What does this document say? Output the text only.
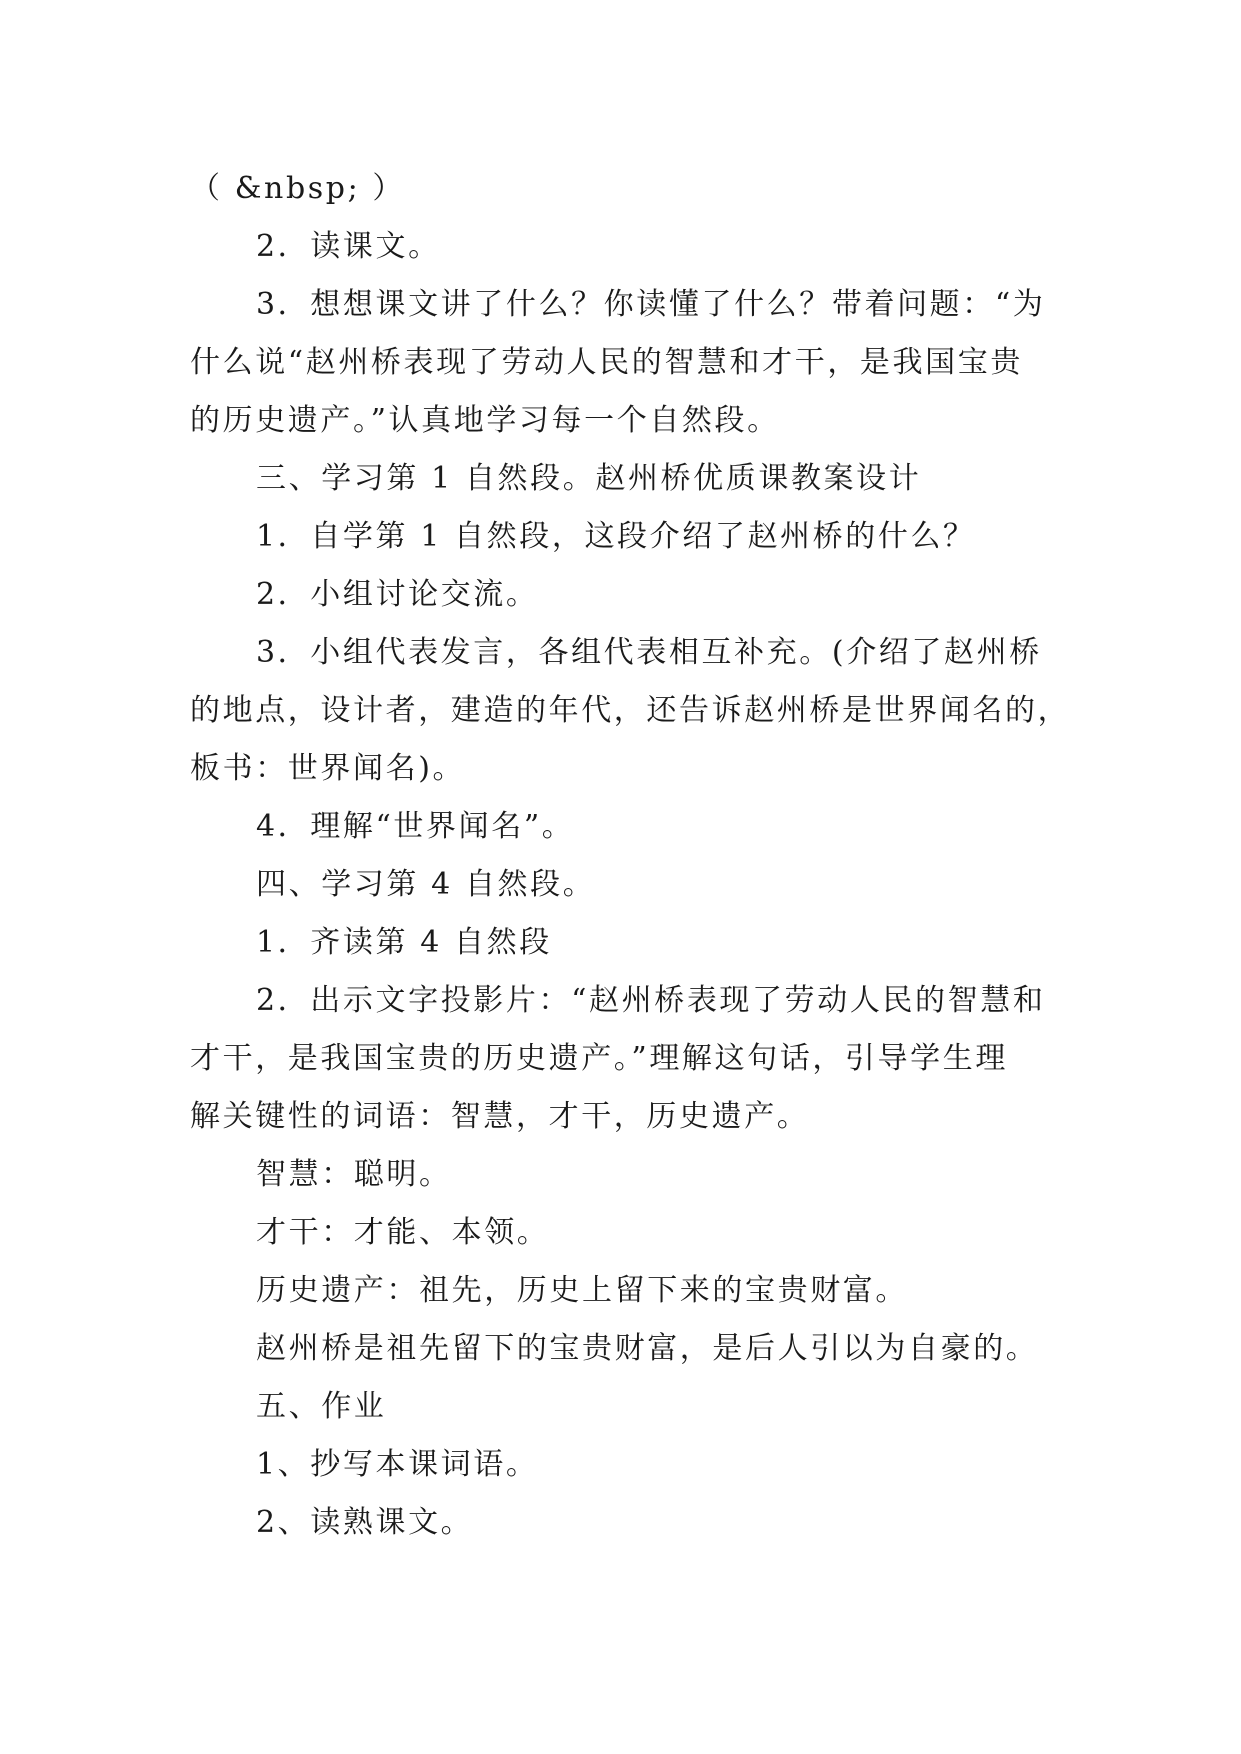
（ &nbsp; ）

2．读课文。

3．想想课文讲了什么？你读懂了什么？带着问题：“为

什么说“赵州桥表现了劳动人民的智慧和才干，是我国宝贵

的历史遗产。”认真地学习每一个自然段。

三、学习第 1 自然段。赵州桥优质课教案设计

1．自学第 1 自然段，这段介绍了赵州桥的什么？

2．小组讨论交流。

3．小组代表发言，各组代表相互补充。(介绍了赵州桥

的地点，设计者，建造的年代，还告诉赵州桥是世界闻名的，

板书：世界闻名)。

4．理解“世界闻名”。

四、学习第 4 自然段。

1．齐读第 4 自然段

2．出示文字投影片：“赵州桥表现了劳动人民的智慧和

才干，是我国宝贵的历史遗产。”理解这句话，引导学生理

解关键性的词语：智慧，才干，历史遗产。

智慧：聪明。

才干：才能、本领。

历史遗产：祖先，历史上留下来的宝贵财富。

赵州桥是祖先留下的宝贵财富，是后人引以为自豪的。

五、作业

1、抄写本课词语。

2、读熟课文。
